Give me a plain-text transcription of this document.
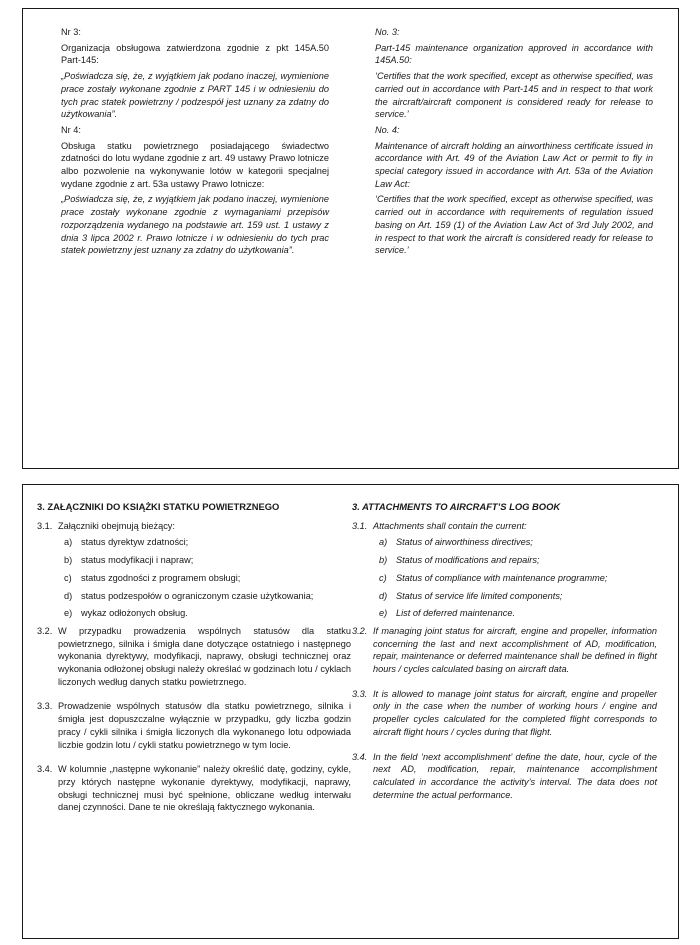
Nr 3:

Organizacja obsługowa zatwierdzona zgodnie z pkt 145A.50 Part-145:

„Poświadcza się, że, z wyjątkiem jak podano inaczej, wymienione prace zostały wykonane zgodnie z PART 145 i w odniesieniu do tych prac statek powietrzny / podzespół jest uznany za zdatny do użytkowania”.

Nr 4:

Obsługa statku powietrznego posiadającego świadectwo zdatności do lotu wydane zgodnie z art. 49 ustawy Prawo lotnicze albo pozwolenie na wykonywanie lotów w kategorii specjalnej wydane zgodnie z art. 53a ustawy Prawo lotnicze:

„Poświadcza się, że, z wyjątkiem jak podano inaczej, wymienione prace zostały wykonane zgodnie z wymaganiami przepisów rozporządzenia wydanego na podstawie art. 159 ust. 1 ustawy z dnia 3 lipca 2002 r. Prawo lotnicze i w odniesieniu do tych prac statek powietrzny jest uznany za zdatny do użytkowania”.

No. 3:

Part-145 maintenance organization approved in accordance with 145A.50:

‘Certifies that the work specified, except as otherwise specified, was carried out in accordance with Part-145 and in respect to that work the aircraft/aircraft component is considered ready for release to service.’

No. 4:

Maintenance of aircraft holding an airworthiness certificate issued in accordance with Art. 49 of the Aviation Law Act or permit to fly in special category issued in accordance with Art. 53a of the Aviation Law Act:

‘Certifies that the work specified, except as otherwise specified, was carried out in accordance with requirements of regulation issued basing on Art. 159 (1) of the Aviation Law Act of 3rd July 2002, and in respect to that work the aircraft is considered ready for release to service.’

3. ZAŁĄCZNIKI DO KSIĄŻKI STATKU POWIETRZNEGO
3.1. Załączniki obejmują bieżący:
a) status dyrektyw zdatności;
b) status modyfikacji i napraw;
c) status zgodności z programem obsługi;
d) status podzespołów o ograniczonym czasie użytkowania;
e) wykaz odłożonych obsług.
3.2. W przypadku prowadzenia wspólnych statusów dla statku powietrznego, silnika i śmigła dane dotyczące ostatniego i następnego wykonania dyrektywy, modyfikacji, naprawy, obsługi technicznej oraz wykonania odłożonej obsługi należy określać w godzinach lotu / cyklach liczonych według danych statku powietrznego.
3.3. Prowadzenie wspólnych statusów dla statku powietrznego, silnika i śmigła jest dopuszczalne wyłącznie w przypadku, gdy liczba godzin pracy / cykli silnika i śmigła liczonych dla wykonanego lotu odpowiada liczbie godzin lotu / cykli statku powietrznego w tym locie.
3.4. W kolumnie „następne wykonanie” należy określić datę, godziny, cykle, przy których następne wykonanie dyrektywy, modyfikacji, naprawy, obsługi technicznej musi być spełnione, obliczane według interwału danej czynności. Dane te nie określają faktycznego wykonania.
3. ATTACHMENTS TO AIRCRAFT’S LOG BOOK
3.1. Attachments shall contain the current:
a) Status of airworthiness directives;
b) Status of modifications and repairs;
c) Status of compliance with maintenance programme;
d) Status of service life limited components;
e) List of deferred maintenance.
3.2. If managing joint status for aircraft, engine and propeller, information concerning the last and next accomplishment of AD, modification, repair, maintenance or deferred maintenance shall be defined in flight hours / cycles calculated basing on aircraft data.
3.3. It is allowed to manage joint status for aircraft, engine and propeller only in the case when the number of working hours / engine and propeller cycles calculated for the completed flight corresponds to aircraft flight hours / cycles during that flight.
3.4. In the field ‘next accomplishment’ define the date, hour, cycle of the next AD, modification, repair, maintenance accomplishment calculated in accordance the activity’s interval. The data does not determine the actual performance.
